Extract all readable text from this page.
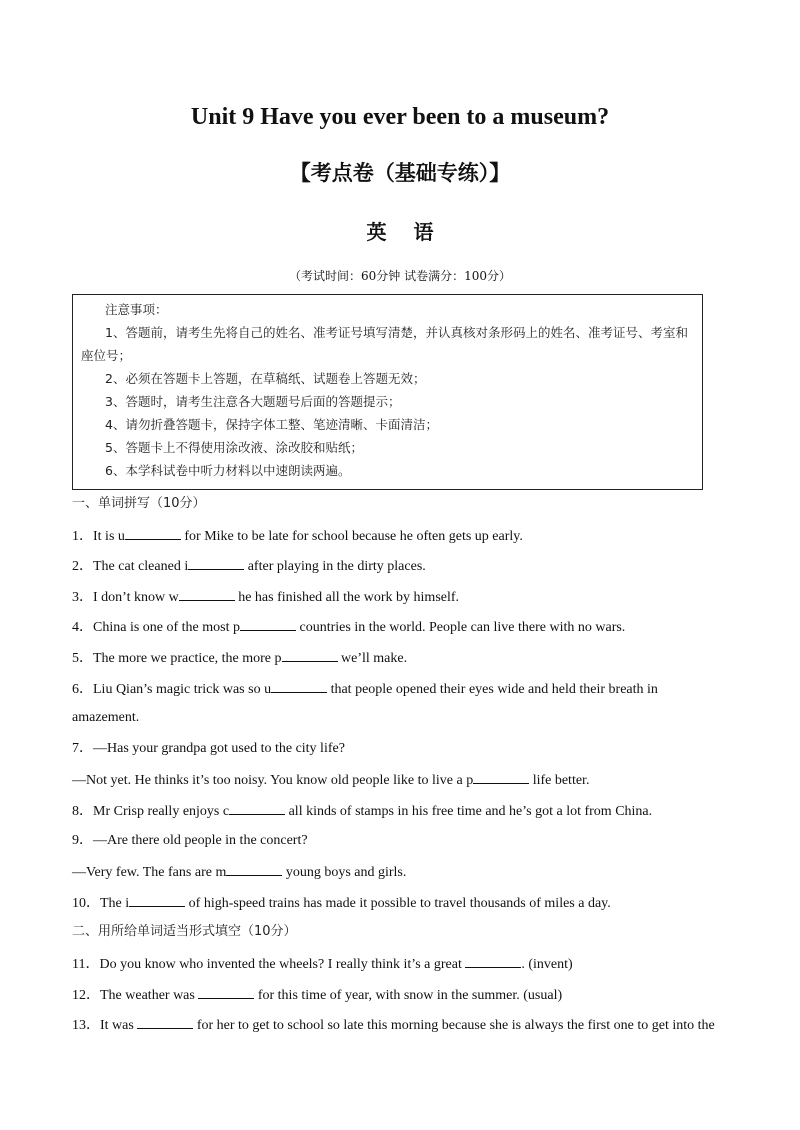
Unit 9 Have you ever been to a museum?
【考点卷（基础专练）】
英 语
（考试时间：60分钟 试卷满分：100分）
注意事项：
1、答题前，请考生先将自己的姓名、准考证号填写清楚，并认真核对条形码上的姓名、准考证号、考室和座位号；
2、必须在答题卡上答题，在草稿纸、试题卷上答题无效；
3、答题时，请考生注意各大题题号后面的答题提示；
4、请勿折叠答题卡，保持字体工整、笔迹清晰、卡面清洁；
5、答题卡上不得使用涂改液、涂改胶和贴纸；
6、本学科试卷中听力材料以中速朗读两遍。
一、单词拼写（10分）
1．It is u	for Mike to be late for school because he often gets up early.
2．The cat cleaned i	after playing in the dirty places.
3．I don’t know w	he has finished all the work by himself.
4．China is one of the most p	countries in the world. People can live there with no wars.
5．The more we practice, the more p	we’ll make.
6．Liu Qian’s magic trick was so u	that people opened their eyes wide and held their breath in
amazement.
7．—Has your grandpa got used to the city life?
—Not yet. He thinks it’s too noisy. You know old people like to live a p	life better.
8．Mr Crisp really enjoys c	all kinds of stamps in his free time and he’s got a lot from China.
9．—Are there old people in the concert?
—Very few. The fans are m	young boys and girls.
10．The i	of high-speed trains has made it possible to travel thousands of miles a day.
二、用所给单词适当形式填空（10分）
11．Do you know who invented the wheels? I really think it’s a great	. (invent)
12．The weather was	for this time of year, with snow in the summer. (usual)
13．It was	for her to get to school so late this morning because she is always the first one to get into the
